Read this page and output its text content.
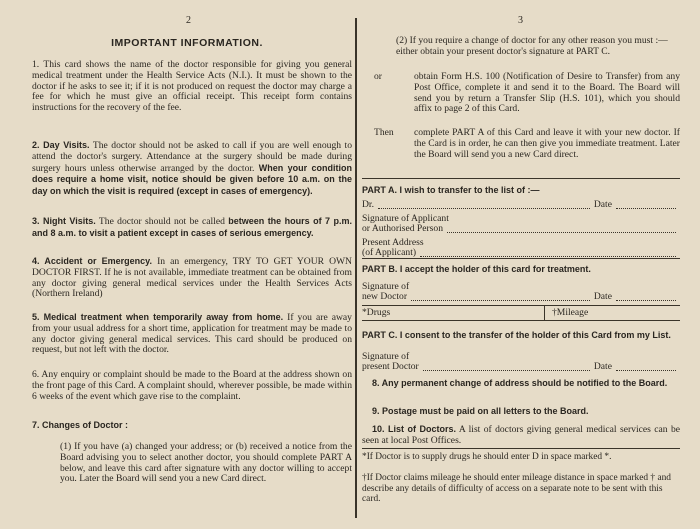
2
IMPORTANT INFORMATION.

1. This card shows the name of the doctor responsible for giving you general medical treatment under the Health Service Acts (N.I.). It must be shown to the doctor if he asks to see it; if it is not produced on request the doctor may charge a fee for which he must give an official receipt. This receipt form contains instructions for the recovery of the fee.

2. Day Visits. The doctor should not be asked to call if you are well enough to attend the doctor's surgery. Attendance at the surgery should be made during surgery hours unless otherwise arranged by the doctor. When your condition does require a home visit, notice should be given before 10 a.m. on the day on which the visit is required (except in cases of emergency).

3. Night Visits. The doctor should not be called between the hours of 7 p.m. and 8 a.m. to visit a patient except in cases of serious emergency.

4. Accident or Emergency. In an emergency, TRY TO GET YOUR OWN DOCTOR FIRST. If he is not available, immediate treatment can be obtained from any doctor giving general medical services under the Health Services Acts (Northern Ireland)

5. Medical treatment when temporarily away from home. If you are away from your usual address for a short time, application for treatment may be made to any doctor giving general medical services. This card should be produced on request, but not left with the doctor.

6. Any enquiry or complaint should be made to the Board at the address shown on the front page of this Card. A complaint should, wherever possible, be made within 6 weeks of the event which gave rise to the complaint.

7. Changes of Doctor :

(1) If you have (a) changed your address; or (b) received a notice from the Board advising you to select another doctor, you should complete PART A below, and leave this card after signature with any doctor willing to accept you. Later the Board will send you a new Card direct.

3

(2) If you require a change of doctor for any other reason you must :—

either obtain your present doctor's signature at PART C.

obtain Form H.S. 100 (Notification of Desire to Transfer) from any Post Office, complete it and send it to the Board. The Board will send you by return a Transfer Slip (H.S. 101), which you should affix to page 2 of this Card.

or

complete PART A of this Card and leave it with your new doctor. If the Card is in order, he can then give you immediate treatment. Later the Board will send you a new Card direct.

Then
PART A. I wish to transfer to the list of :—
Dr.	Date
Signature of Applicant
or Authorised Person
Present Address
(of Applicant)
PART B. I accept the holder of this card for treatment.
Signature of
new Doctor	Date
*Drugs	†Mileage
PART C. I consent to the transfer of the holder of this Card from my List.
Signature of
present Doctor	Date
8. Any permanent change of address should be notified to the Board.
9. Postage must be paid on all letters to the Board.

10. List of Doctors. A list of doctors giving general medical services can be seen at local Post Offices.

*If Doctor is to supply drugs he should enter D in space marked *.
†If Doctor claims mileage he should enter mileage distance in space marked † and describe any details of difficulty of access on a separate note to be sent with this card.
